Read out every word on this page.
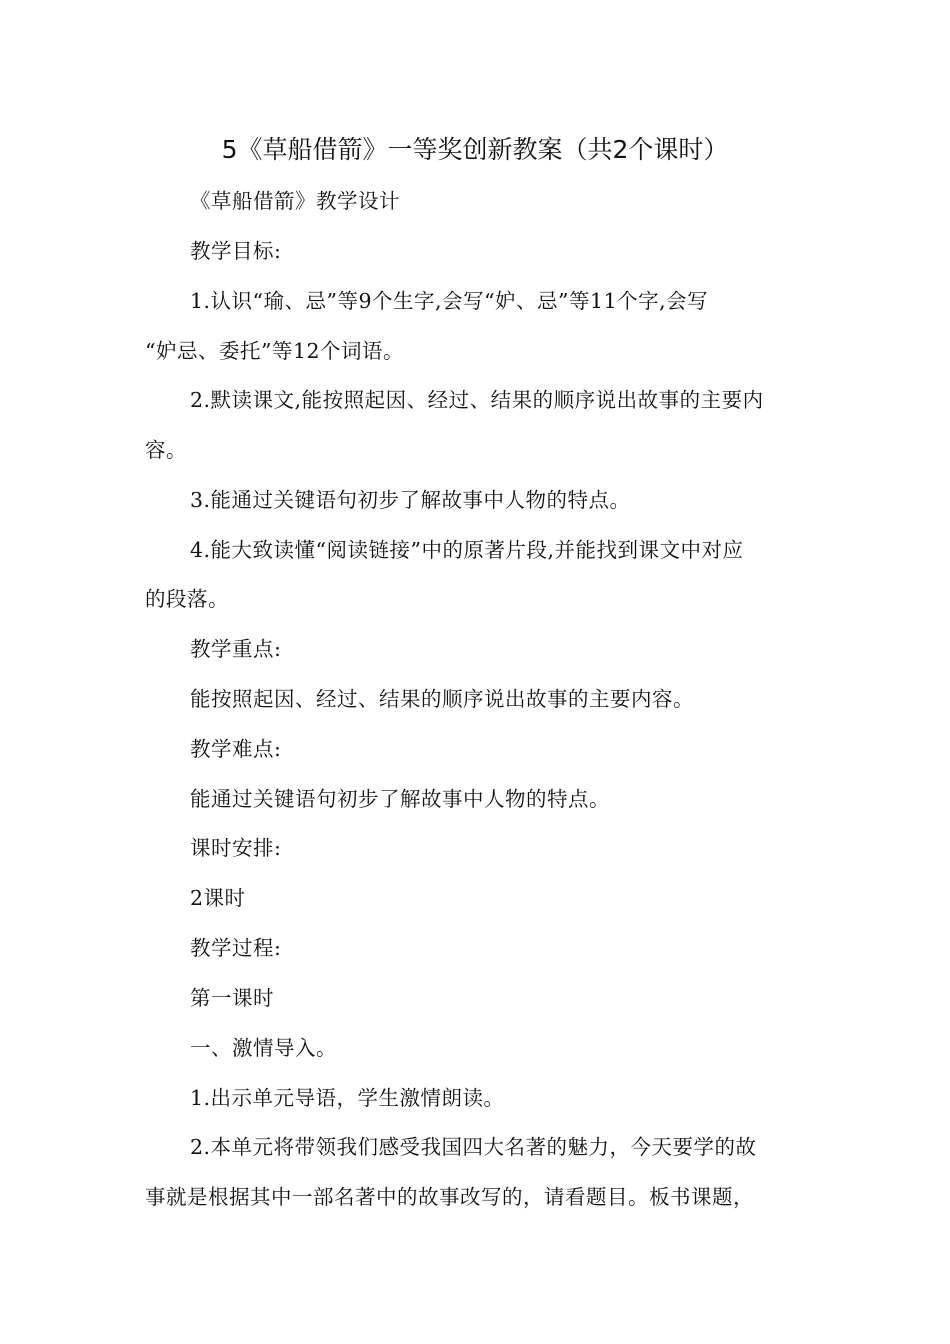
5《草船借箭》一等奖创新教案（共2个课时）
《草船借箭》教学设计
教学目标:
1.认识“瑜、忌”等9个生字,会写“妒、忌”等11个字,会写
“妒忌、委托”等12个词语。
2.默读课文,能按照起因、经过、结果的顺序说出故事的主要内
容。
3.能通过关键语句初步了解故事中人物的特点。
4.能大致读懂“阅读链接”中的原著片段,并能找到课文中对应
的段落。
教学重点:
能按照起因、经过、结果的顺序说出故事的主要内容。
教学难点:
能通过关键语句初步了解故事中人物的特点。
课时安排:
2课时
教学过程:
第一课时
一、激情导入。
1.出示单元导语，学生激情朗读。
2.本单元将带领我们感受我国四大名著的魅力，今天要学的故
事就是根据其中一部名著中的故事改写的，请看题目。板书课题，
